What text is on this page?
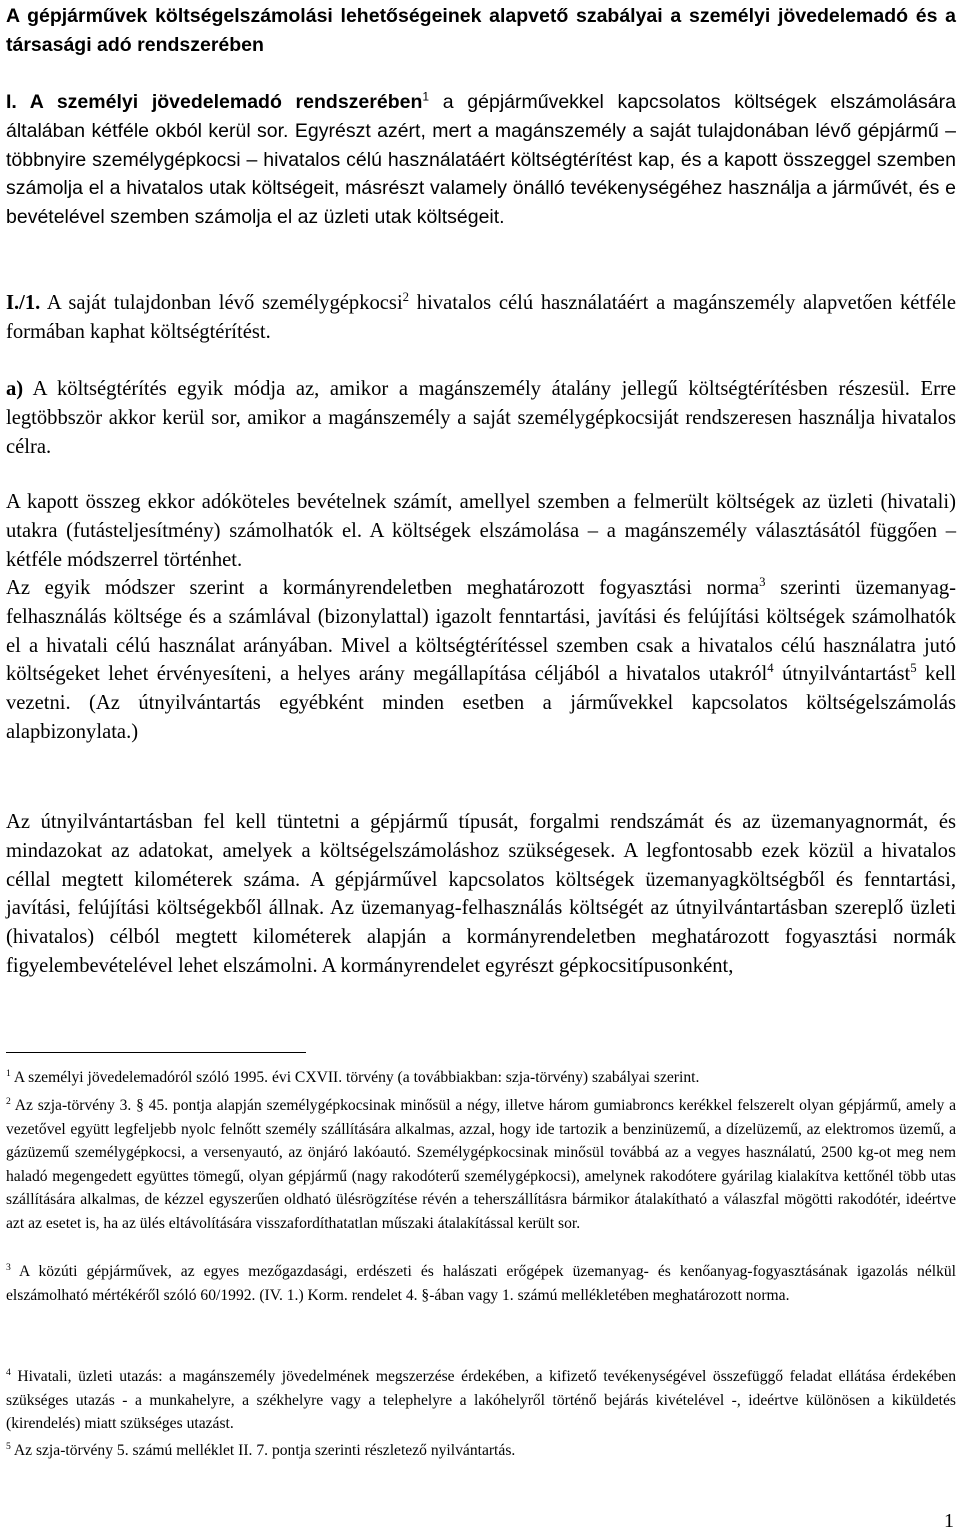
A gépjárművek költségelszámolási lehetőségeinek alapvető szabályai a személyi jövedelemadó és a társasági adó rendszerében

I. A személyi jövedelemadó rendszerében$^1$ a gépjárművekkel kapcsolatos költségek elszámolására általában kétféle okból kerül sor. Egyrészt azért, mert a magánszemély a saját tulajdonában lévő gépjármű – többnyire személygépkocsi – hivatalos célú használatáért költségtérítést kap, és a kapott összeggel szemben számolja el a hivatalos utak költségeit, másrészt valamely önálló tevékenységéhez használja a járművét, és e bevételével szemben számolja el az üzleti utak költségeit.

I./1. A saját tulajdonban lévő személygépkocsi$^2$ hivatalos célú használatáért a magánszemély alapvetően kétféle formában kaphat költségtérítést.

a) A költségtérítés egyik módja az, amikor a magánszemély átalány jellegű költségtérítésben részesül. Erre legtöbbször akkor kerül sor, amikor a magánszemély a saját személygépkocsiját rendszeresen használja hivatalos célra.

A kapott összeg ekkor adóköteles bevételnek számít, amellyel szemben a felmerült költségek az üzleti (hivatali) utakra (futásteljesítmény) számolhatók el. A költségek elszámolása – a magánszemély választásától függően – kétféle módszerrel történhet.

Az egyik módszer szerint a kormányrendeletben meghatározott fogyasztási norma$^3$ szerinti üzemanyag-felhasználás költsége és a számlával (bizonylattal) igazolt fenntartási, javítási és felújítási költségek számolhatók el a hivatali célú használat arányában. Mivel a költségtérítéssel szemben csak a hivatalos célú használatra jutó költségeket lehet érvényesíteni, a helyes arány megállapítása céljából a hivatalos utakról$^4$ útnyilvántartást$^5$ kell vezetni. (Az útnyilvántartás egyébként minden esetben a járművekkel kapcsolatos költségelszámolás alapbizonylata.)

Az útnyilvántartásban fel kell tüntetni a gépjármű típusát, forgalmi rendszámát és az üzemanyagnormát, és mindazokat az adatokat, amelyek a költségelszámoláshoz szükségesek. A legfontosabb ezek közül a hivatalos céllal megtett kilométerek száma. A gépjárművel kapcsolatos költségek üzemanyagköltségből és fenntartási, javítási, felújítási költségekből állnak. Az üzemanyag-felhasználás költségét az útnyilvántartásban szereplő üzleti (hivatalos) célból megtett kilométerek alapján a kormányrendeletben meghatározott fogyasztási normák figyelembevételével lehet elszámolni. A kormányrendelet egyrészt gépkocsitípusonként,

$^1$ A személyi jövedelemadóról szóló 1995. évi CXVII. törvény (a továbbiakban: szja-törvény) szabályai szerint.

$^2$ Az szja-törvény 3. § 45. pontja alapján személygépkocsinak minősül a négy, illetve három gumiabroncs kerékkel felszerelt olyan gépjármű, amely a vezetővel együtt legfeljebb nyolc felnőtt személy szállítására alkalmas, azzal, hogy ide tartozik a benzinüzemű, a dízelüzemű, az elektromos üzemű, a gázüzemű személygépkocsi, a versenyautó, az önjáró lakóautó. Személygépkocsinak minősül továbbá az a vegyes használatú, 2500 kg-ot meg nem haladó megengedett együttes tömegű, olyan gépjármű (nagy rakodóterű személygépkocsi), amelynek rakodótere gyárilag kialakítva kettőnél több utas szállítására alkalmas, de kézzel egyszerűen oldható ülésrögzítése révén a teherszállításra bármikor átalakítható a válaszfal mögötti rakodótér, ideértve azt az esetet is, ha az ülés eltávolítására visszafordíthatatlan műszaki átalakítással került sor.

$^3$ A közúti gépjárművek, az egyes mezőgazdasági, erdészeti és halászati erőgépek üzemanyag- és kenőanyag-fogyasztásának igazolás nélkül elszámolható mértékéről szóló 60/1992. (IV. 1.) Korm. rendelet 4. §-ában vagy 1. számú mellékletében meghatározott norma.

$^4$ Hivatali, üzleti utazás: a magánszemély jövedelmének megszerzése érdekében, a kifizető tevékenységével összefüggő feladat ellátása érdekében szükséges utazás - a munkahelyre, a székhelyre vagy a telephelyre a lakóhelyről történő bejárás kivételével -, ideértve különösen a kiküldetés (kirendelés) miatt szükséges utazást.

$^5$ Az szja-törvény 5. számú melléklet II. 7. pontja szerinti részletező nyilvántartás.

1
